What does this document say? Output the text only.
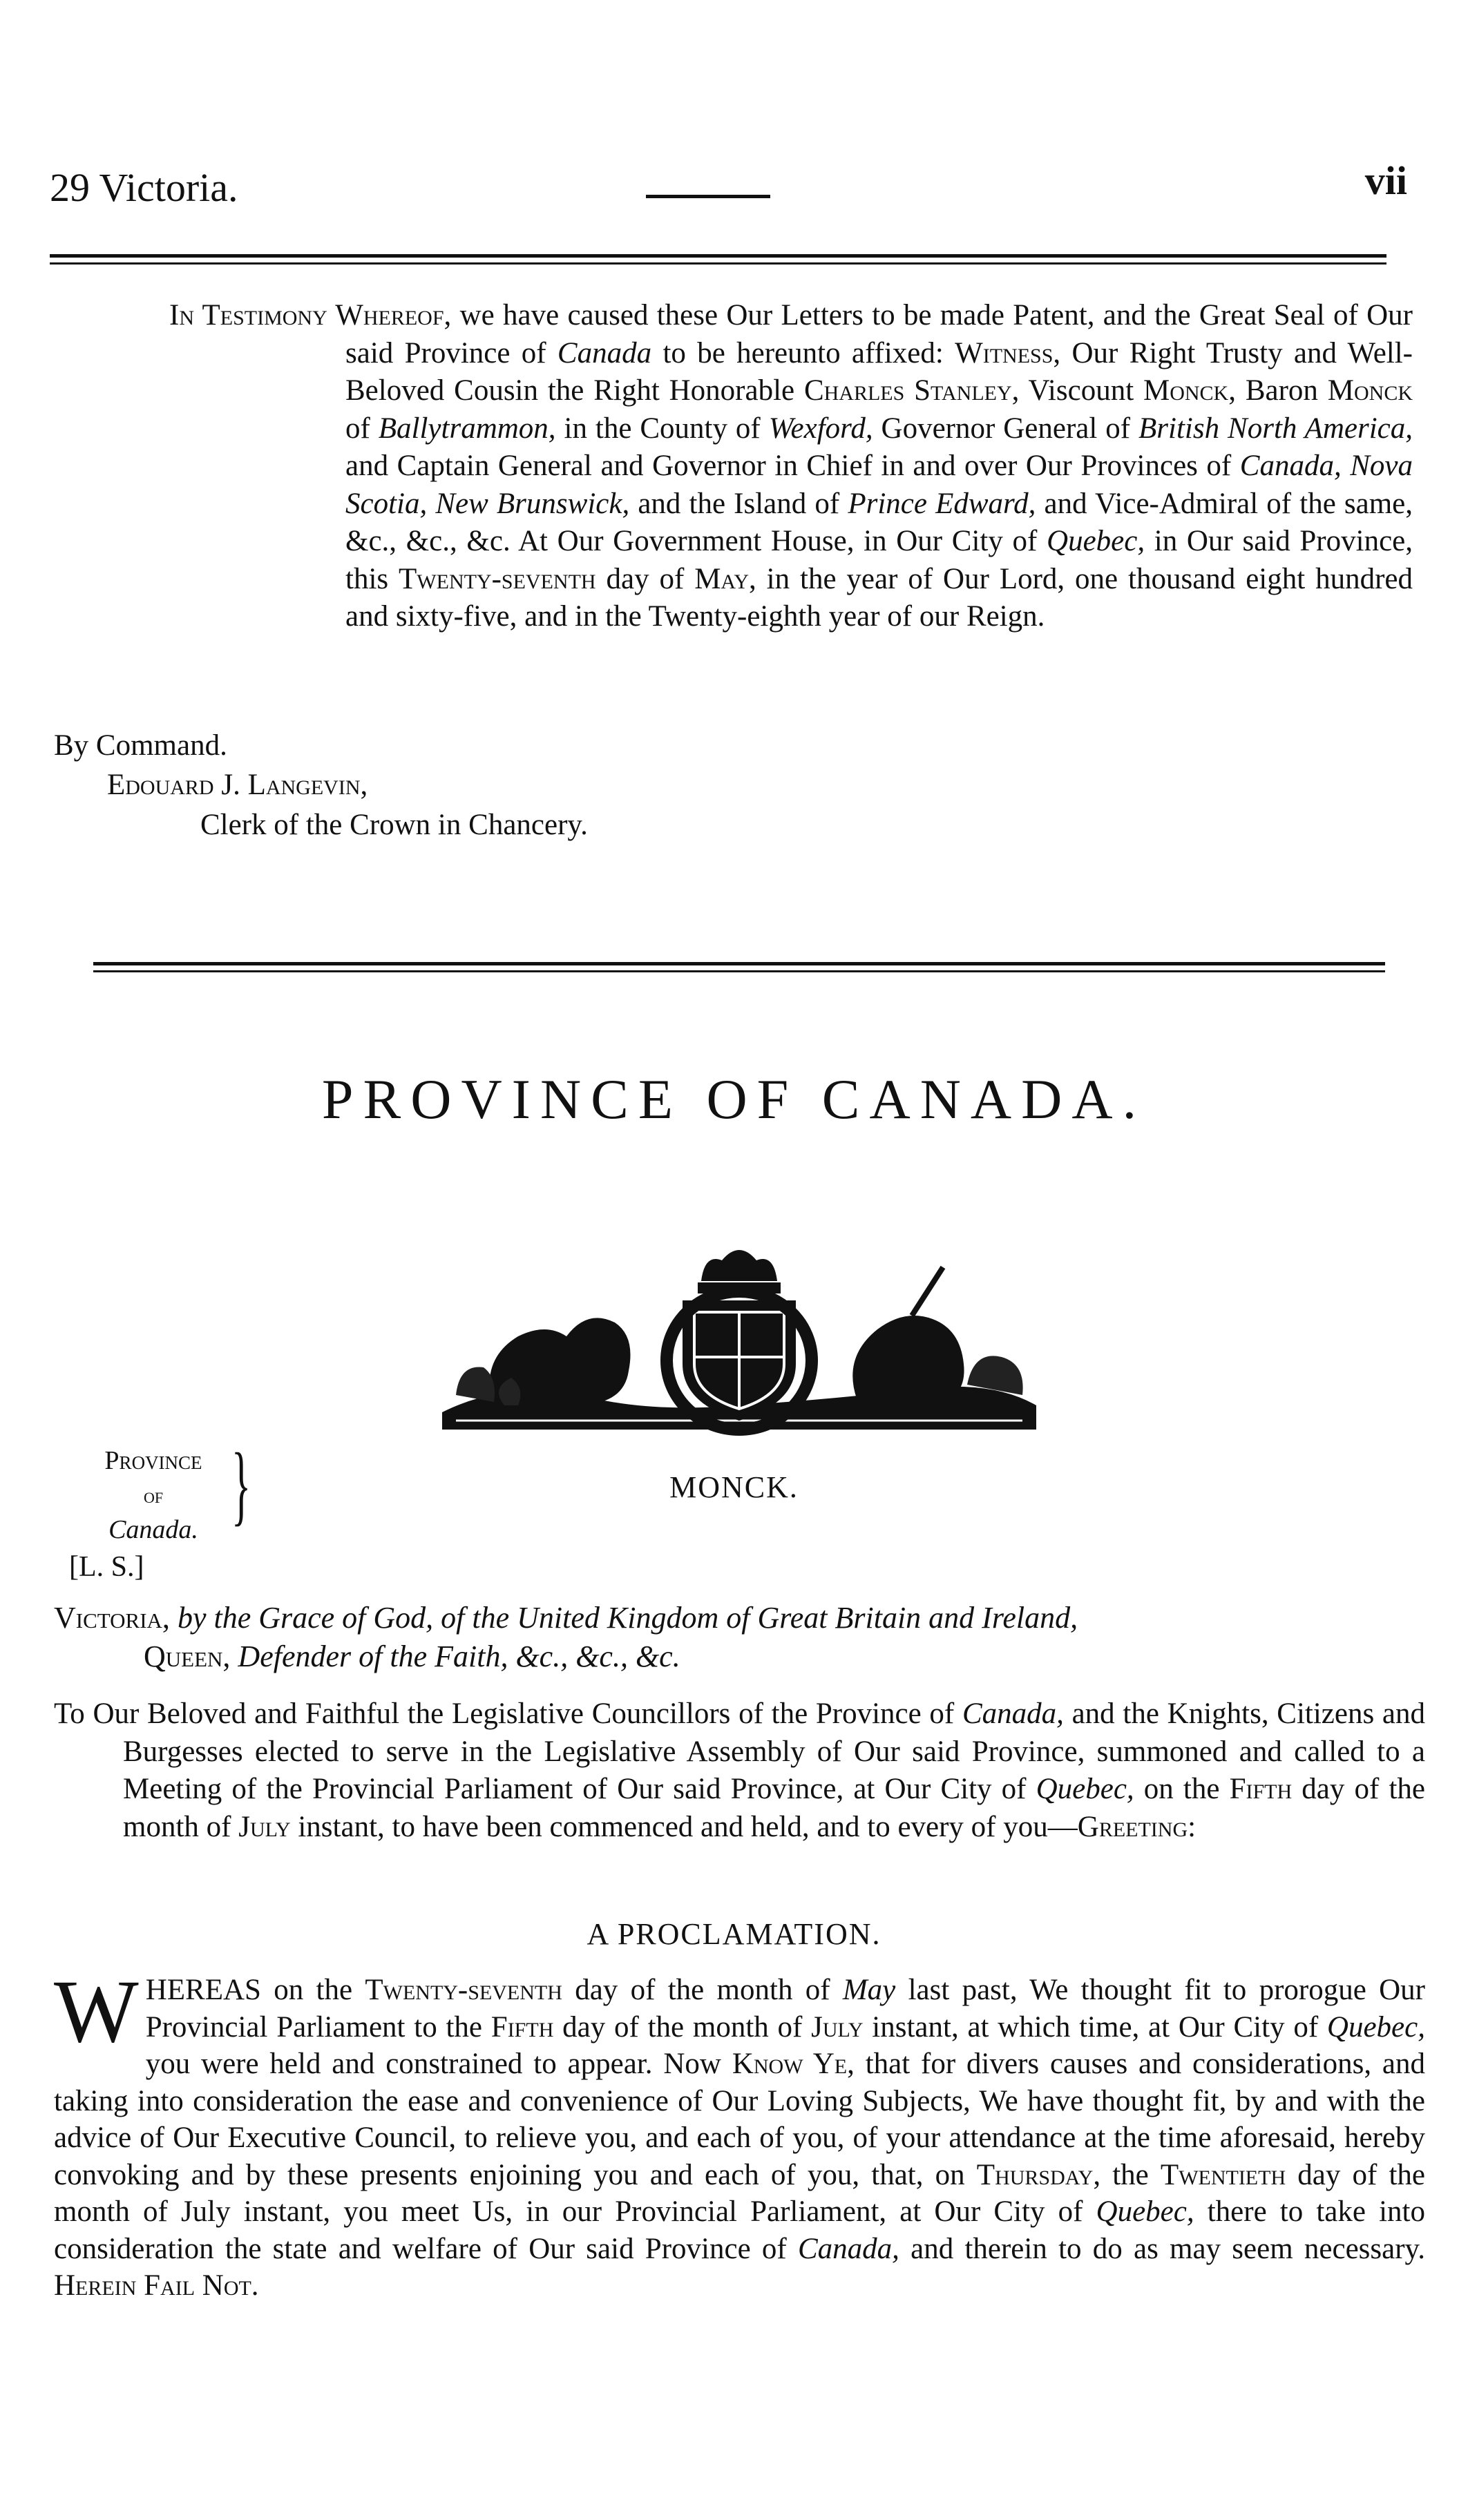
29 Victoria.	vii
In Testimony Whereof, we have caused these Our Letters to be made Patent, and the Great Seal of Our said Province of Canada to be hereunto affixed: Witness, Our Right Trusty and Well-Beloved Cousin the Right Honorable Charles Stanley, Viscount Monck, Baron Monck of Ballytrammon, in the County of Wexford, Governor General of British North America, and Captain General and Governor in Chief in and over Our Provinces of Canada, Nova Scotia, New Brunswick, and the Island of Prince Edward, and Vice-Admiral of the same, &c., &c., &c. At Our Government House, in Our City of Quebec, in Our said Province, this Twenty-seventh day of May, in the year of Our Lord, one thousand eight hundred and sixty-five, and in the Twenty-eighth year of our Reign.
By Command.
Edouard J. Langevin,
Clerk of the Crown in Chancery.
PROVINCE OF CANADA.
Province
of
Canada. }
[L. S.]
MONCK.
Victoria, by the Grace of God, of the United Kingdom of Great Britain and Ireland,
Queen, Defender of the Faith, &c., &c., &c.
To Our Beloved and Faithful the Legislative Councillors of the Province of Canada, and the Knights, Citizens and Burgesses elected to serve in the Legislative Assembly of Our said Province, summoned and called to a Meeting of the Provincial Parliament of Our said Province, at Our City of Quebec, on the Fifth day of the month of July instant, to have been commenced and held, and to every of you—Greeting:
A PROCLAMATION.
WHEREAS on the Twenty-seventh day of the month of May last past, We thought fit to prorogue Our Provincial Parliament to the Fifth day of the month of July instant, at which time, at Our City of Quebec, you were held and constrained to appear. Now Know Ye, that for divers causes and considerations, and taking into consideration the ease and convenience of Our Loving Subjects, We have thought fit, by and with the advice of Our Executive Council, to relieve you, and each of you, of your attendance at the time aforesaid, hereby convoking and by these presents enjoining you and each of you, that, on Thursday, the Twentieth day of the month of July instant, you meet Us, in our Provincial Parliament, at Our City of Quebec, there to take into consideration the state and welfare of Our said Province of Canada, and therein to do as may seem necessary. Herein Fail Not.
